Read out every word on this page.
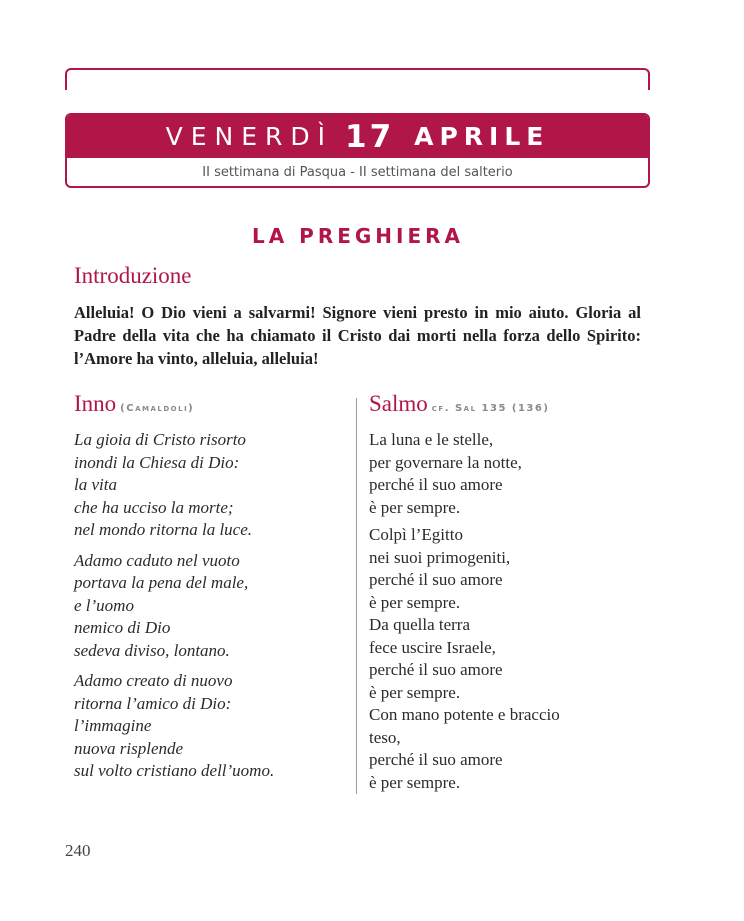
VENERDÌ 17 APRILE
II settimana di Pasqua - II settimana del salterio
LA PREGHIERA
Introduzione
Alleluia! O Dio vieni a salvarmi! Signore vieni presto in mio aiuto. Gloria al Padre della vita che ha chiamato il Cristo dai morti nella forza dello Spirito: l’Amore ha vinto, alleluia, alleluia!
Inno (Camaldoli)
La gioia di Cristo risorto
inondi la Chiesa di Dio:
la vita
che ha ucciso la morte;
nel mondo ritorna la luce.
Adamo caduto nel vuoto
portava la pena del male,
e l’uomo
nemico di Dio
sedeva diviso, lontano.
Adamo creato di nuovo
ritorna l’amico di Dio:
l’immagine
nuova risplende
sul volto cristiano dell’uomo.
Salmo cf. Sal 135 (136)
La luna e le stelle,
per governare la notte,
perché il suo amore
è per sempre.
Colpì l’Egitto
nei suoi primogeniti,
perché il suo amore
è per sempre.
Da quella terra
fece uscire Israele,
perché il suo amore
è per sempre.
Con mano potente e braccio
teso,
perché il suo amore
è per sempre.
240
